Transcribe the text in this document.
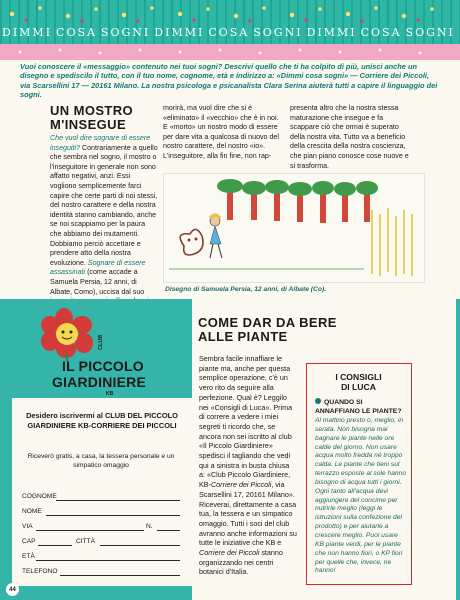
DIMMI COSA SOGNI DIMMI COSA SOGNI DIMMI COSA SOGNI

Vuoi conoscere il «messaggio» contenuto nei tuoi sogni? Descrivi quello che ti ha colpito di più, unisci anche un disegno e spediscilo il tutto, con il tuo nome, cognome, età e indirizzo a: «Dimmi cosa sogni» — Corriere dei Piccoli, via Scarsellini 17 — 20161 Milano. La nostra psicologa e psicanalista Clara Serina aiuterà tutti a capire il linguaggio dei sogni.

UN MOSTRO
M'INSEGUE
Che vuol dire sognare di essere inseguiti? Contrariamente a quello che sembra nel sogno, il mostro o l'inseguitore in generale non sono affatto negativi, anzi. Essi vogliono semplicemente farci capire che certe parti di noi stessi, del nostro carattere e della nostra identità stanno cambiando, anche se noi scappiamo per la paura che abbiamo dei mutamenti. Dobbiamo perciò accettare e prendere atto della nostra evoluzione. Sognare di essere assassinati (come accade a Samuela Persia, 12 anni, di Albate, Como), uccisa dal suo
morirà, ma vuol dire che si è «eliminato» il «vecchio» che è in noi. E «morto» un nostro modo di essere per dare vita a qualcosa di nuovo del nostro carattere, del nostro «io». L'inseguitore, alla fin fine, non rap-
presenta altro che la nostra stessa maturazione che insegue e fa scappare ciò che ormai è superato della nostra vita. Tutto va a beneficio della crescita della nostra coscienza, che pian piano conosce cose nuove e si trasforma.
Disegno di Samuela Persia, 12 anni, di Albate (Co).
IL PICCOLO
GIARDINIERE
CLUB
KB
Desidero iscrivermi al CLUB DEL PICCOLO GIARDINIERE KB-CORRIERE DEI PICCOLI
Riceverò gratis, a casa, la tessera personale e un simpatico omaggio
COGNOME
NOME
VIA	N.
CAP	CITTÀ
ETÀ
TELEFONO
44
COME DAR DA BERE
ALLE PIANTE
Sembra facile innaffiare le piante ma, anche per questa semplice operazione, c'è un vero rito da seguire alla perfezione. Qual è? Leggilo nei «Consigli di Luca». Prima di correre a vedere i miei segreti ti ricordo che, se ancora non sei iscritto al club «Il Piccolo Giardiniere» spedisci il tagliando che vedi qui a sinistra in busta chiusa a: «Club Piccolo Giardiniere, KB-Corriere dei Piccoli, via Scarsellini 17, 20161 Milano». Riceverai, direttamente a casa tua, la tessera e un simpatico omaggio. Tutti i soci del club avranno anche informazioni su tutte le iniziative che KB e Corriere dei Piccoli stanno organizzando nei centri botanici d'Italia.
I CONSIGLI
DI LUCA
QUANDO SI ANNAFFIANO LE PIANTE?
Al mattino presto o, meglio, in serata. Non bisogna mai bagnare le piante nelle ore calde del giorno. Non usare acqua molto fredda né troppo calda. Le piante che tieni sul terrazzo esposte al sole hanno bisogno di acqua tutti i giorni. Ogni tanto all'acqua devi aggiungere del concime per nutrirle meglio (leggi le istruzioni sulla confezione del prodotto) e per aiutarle a crescere meglio. Puoi usare KB piante verdi, per le piante che non hanno fiori, o KP fiori per quelle che, invece, ne hanno!
